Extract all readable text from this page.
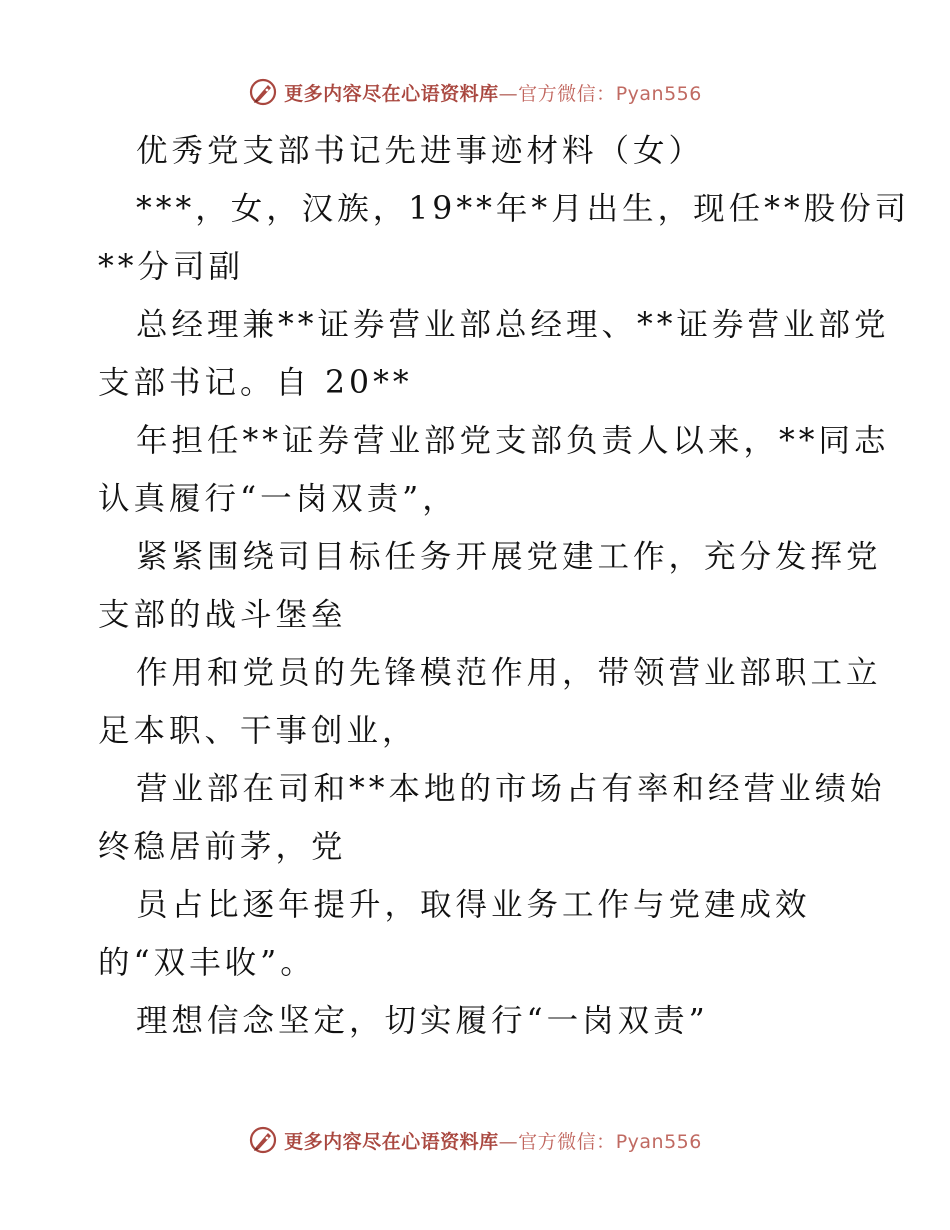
更多内容尽在心语资料库—官方微信：Pyan556
优秀党支部书记先进事迹材料（女）
***，女，汉族，19**年*月出生，现任**股份司
**分司副
总经理兼**证券营业部总经理、**证券营业部党
支部书记。自 20**
年担任**证券营业部党支部负责人以来，**同志
认真履行“一岗双责”，
紧紧围绕司目标任务开展党建工作，充分发挥党
支部的战斗堡垒
作用和党员的先锋模范作用，带领营业部职工立
足本职、干事创业，
营业部在司和**本地的市场占有率和经营业绩始
终稳居前茅，党
员占比逐年提升，取得业务工作与党建成效
的“双丰收”。
理想信念坚定，切实履行“一岗双责”
更多内容尽在心语资料库—官方微信：Pyan556
